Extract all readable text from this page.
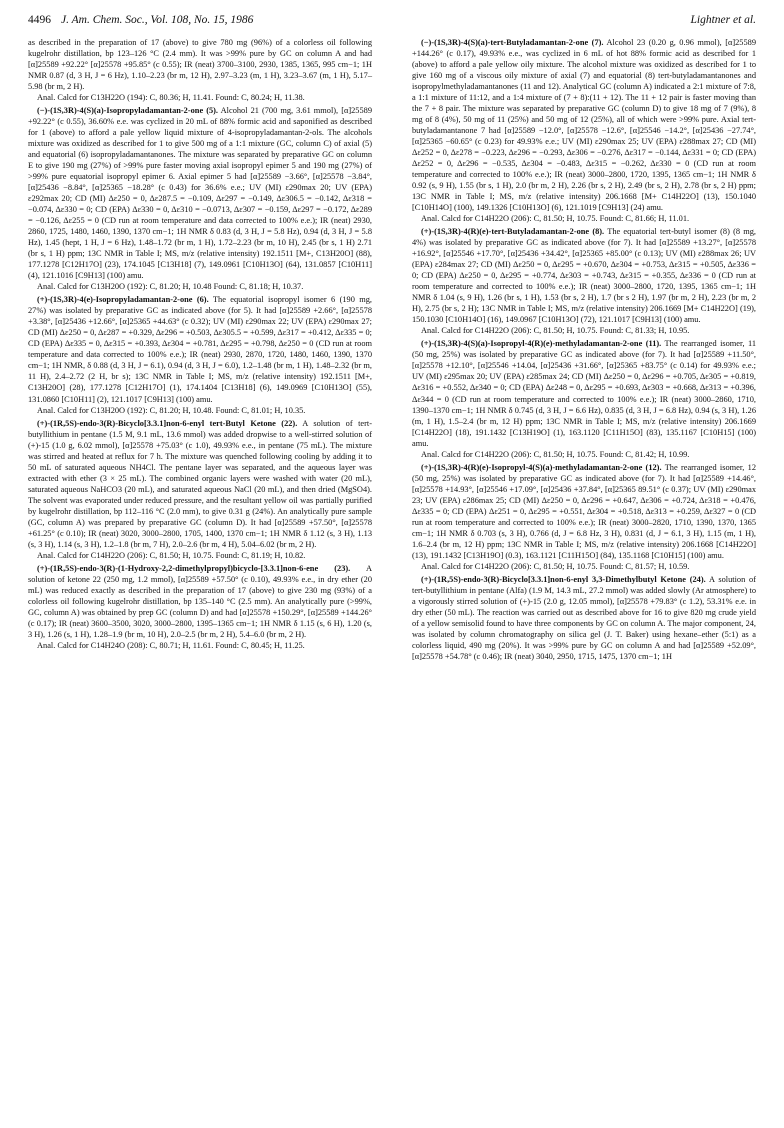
4496 J. Am. Chem. Soc., Vol. 108, No. 15, 1986	Lightner et al.

as described in the preparation of 17 (above) to give 780 mg (96%) of a colorless oil following kugelrohr distillation, bp 123–126 °C (2.4 mm). It was >99% pure by GC on column A and had [α]25589 +92.22° [α]25578 +95.85° (c 0.55); IR (neat) 3700–3100, 2930, 1385, 1365, 995 cm−1; 1H NMR 0.87 (d, 3 H, J = 6 Hz), 1.10–2.23 (br m, 12 H), 2.97–3.23 (m, 1 H), 3.23–3.67 (m, 1 H), 5.17–5.98 (br m, 2 H).

Anal. Calcd for C13H22O (194): C, 80.36; H, 11.41. Found: C, 80.24; H, 11.38.

(−)-(1S,3R)-4(S)(a)-Isopropyladamantan-2-one (5). Alcohol 21 (700 mg, 3.61 mmol), [α]25589 +92.22° (c 0.55), 36.60% e.e. was cyclized in 20 mL of 88% formic acid and saponified as described for 1 (above) to afford a pale yellow liquid mixture of 4-isopropyladamantan-2-ols. The alcohols mixture was oxidized as described for 1 to give 500 mg of a 1:1 mixture (GC, column C) of axial (5) and equatorial (6) isopropyladamantanones. The mixture was separated by preparative GC on column E to give 190 mg (27%) of >99% pure faster moving axial isopropyl epimer 5 and 190 mg (27%) of >99% pure equatorial isopropyl epimer 6. Axial epimer 5 had [α]25589 −3.66°, [α]25578 −3.84°, [α]25436 −8.84°, [α]25365 −18.28° (c 0.43) for 36.6% e.e.; UV (MI) ε290max 20; UV (EPA) ε292max 20; CD (MI) Δε250 = 0, Δε287.5 = −0.109, Δε297 = −0.149, Δε306.5 = −0.142, Δε318 = −0.074, Δε330 = 0; CD (EPA) Δε330 = 0, Δε310 = −0.0713, Δε307 = −0.159, Δε297 = −0.172, Δε289 = −0.126, Δε255 = 0 (CD run at room temperature and data corrected to 100% e.e.); IR (neat) 2930, 2860, 1725, 1480, 1460, 1390, 1370 cm−1; 1H NMR δ 0.83 (d, 3 H, J = 5.8 Hz), 0.94 (d, 3 H, J = 5.8 Hz), 1.45 (hept, 1 H, J = 6 Hz), 1.48–1.72 (br m, 1 H), 1.72–2.23 (br m, 10 H), 2.45 (br s, 1 H) 2.71 (br s, 1 H) ppm; 13C NMR in Table I; MS, m/z (relative intensity) 192.1511 [M+, C13H20O] (88), 177.1278 [C12H17O] (23), 174.1045 [C13H18] (7), 149.0961 [C10H13O] (64), 131.0857 [C10H11] (4), 121.1016 [C9H13] (100) amu.

Anal. Calcd for C13H20O (192): C, 81.20; H, 10.48 Found: C, 81.18; H, 10.37.

(+)-(1S,3R)-4(e)-Isopropyladamantan-2-one (6). The equatorial isopropyl isomer 6 (190 mg, 27%) was isolated by preparative GC as indicated above (for 5). It had [α]25589 +2.66°, [α]25578 +3.38°, [α]25436 +12.66°, [α]25365 +44.63° (c 0.32); UV (MI) ε290max 22; UV (EPA) ε290max 27; CD (MI) Δε250 = 0, Δε287 = +0.329, Δε296 = +0.503, Δε305.5 = +0.599, Δε317 = +0.412, Δε335 = 0; CD (EPA) Δε335 = 0, Δε315 = +0.393, Δε304 = +0.781, Δε295 = +0.798, Δε250 = 0 (CD run at room temperature and data corrected to 100% e.e.); IR (neat) 2930, 2870, 1720, 1480, 1460, 1390, 1370 cm−1; 1H NMR, δ 0.88 (d, 3 H, J = 6.1), 0.94 (d, 3 H, J = 6.0), 1.2–1.48 (br m, 1 H), 1.48–2.32 (br m, 11 H), 2.4–2.72 (2 H, br s); 13C NMR in Table I; MS, m/z (relative intensity) 192.1511 [M+, C13H20O] (28), 177.1278 [C12H17O] (1), 174.1404 [C13H18] (6), 149.0969 [C10H13O] (55), 131.0860 [C10H11] (2), 121.1017 [C9H13] (100) amu.

Anal. Calcd for C13H20O (192): C, 81.20; H, 10.48. Found: C, 81.01; H, 10.35.

(+)-(1R,5S)-endo-3(R)-Bicyclo[3.3.1]non-6-enyl tert-Butyl Ketone (22). A solution of tert-butyllithium in pentane (1.5 M, 9.1 mL, 13.6 mmol) was added dropwise to a well-stirred solution of (+)-15 (1.0 g, 6.02 mmol), [α]25578 +75.03° (c 1.0), 49.93% e.e., in pentane (75 mL). The mixture was stirred and heated at reflux for 7 h. The mixture was quenched following cooling by adding it to 50 mL of saturated aqueous NH4Cl. The pentane layer was separated, and the aqueous layer was extracted with ether (3 × 25 mL). The combined organic layers were washed with water (20 mL), saturated aqueous NaHCO3 (20 mL), and saturated aqueous NaCl (20 mL), and then dried (MgSO4). The solvent was evaporated under reduced pressure, and the resultant yellow oil was partially purified by kugelrohr distillation, bp 112–116 °C (2.0 mm), to give 0.31 g (24%). An analytically pure sample (GC, column A) was prepared by preparative GC (column D). It had [α]25589 +57.50°, [α]25578 +61.25° (c 0.10); IR (neat) 3020, 3000–2800, 1705, 1400, 1370 cm−1; 1H NMR δ 1.12 (s, 3 H), 1.13 (s, 3 H), 1.14 (s, 3 H), 1.2–1.8 (br m, 7 H), 2.0–2.6 (br m, 4 H), 5.04–6.02 (br m, 2 H).

Anal. Calcd for C14H22O (206): C, 81.50; H, 10.75. Found: C, 81.19; H, 10.82.

(+)-(1R,5S)-endo-3(R)-(1-Hydroxy-2,2-dimethylpropyl)bicyclo-[3.3.1]non-6-ene (23). A solution of ketone 22 (250 mg, 1.2 mmol), [α]25589 +57.50° (c 0.10), 49.93% e.e., in dry ether (20 mL) was reduced exactly as described in the preparation of 17 (above) to give 230 mg (93%) of a colorless oil following kugelrohr distillation, bp 135–140 °C (2.5 mm). An analytically pure (>99%, GC, column A) was obtained by prep GC (column D) and had [α]25578 +150.29°, [α]25589 +144.26° (c 0.17); IR (neat) 3600–3500, 3020, 3000–2800, 1395–1365 cm−1; 1H NMR δ 1.15 (s, 6 H), 1.20 (s, 3 H), 1.26 (s, 1 H), 1.28–1.9 (br m, 10 H), 2.0–2.5 (br m, 2 H), 5.4–6.0 (br m, 2 H).

Anal. Calcd for C14H24O (208): C, 80.71; H, 11.61. Found: C, 80.45; H, 11.25.

(−)-(1S,3R)-4(S)(a)-tert-Butyladamantan-2-one (7). Alcohol 23 (0.20 g, 0.96 mmol), [α]25589 +144.26° (c 0.17), 49.93% e.e., was cyclized in 6 mL of hot 88% formic acid as described for 1 (above) to afford a pale yellow oily mixture. The alcohol mixture was oxidized as described for 1 to give 160 mg of a viscous oily mixture of axial (7) and equatorial (8) tert-butyladamantanones and isopropylmethyladamantanones (11 and 12). Analytical GC (column A) indicated a 2:1 mixture of 7:8, a 1:1 mixture of 11:12, and a 1:4 mixture of (7 + 8):(11 + 12). The 11 + 12 pair is faster moving than the 7 + 8 pair. The mixture was separated by preparative GC (column D) to give 18 mg of 7 (9%), 8 mg of 8 (4%), 50 mg of 11 (25%) and 50 mg of 12 (25%), all of which were >99% pure. Axial tert-butyladamantanone 7 had [α]25589 −12.0°, [α]25578 −12.6°, [α]25546 −14.2°, [α]25436 −27.74°, [α]25365 −60.65° (c 0.23) for 49.93% e.e.; UV (MI) ε290max 25; UV (EPA) ε288max 27; CD (MI) Δε252 = 0, Δε278 = −0.223, Δε296 = −0.293, Δε306 = −0.276, Δε317 = −0.144, Δε331 = 0; CD (EPA) Δε252 = 0, Δε296 = −0.535, Δε304 = −0.483, Δε315 = −0.262, Δε330 = 0 (CD run at room temperature and corrected to 100% e.e.); IR (neat) 3000–2800, 1720, 1395, 1365 cm−1; 1H NMR δ 0.92 (s, 9 H), 1.55 (br s, 1 H), 2.0 (br m, 2 H), 2.26 (br s, 2 H), 2.49 (br s, 2 H), 2.78 (br s, 2 H) ppm; 13C NMR in Table I; MS, m/z (relative intensity) 206.1668 [M+ C14H22O] (13), 150.1040 [C10H14O] (100), 149.1326 [C10H13O] (6), 121.1019 [C9H13] (24) amu.

Anal. Calcd for C14H22O (206): C, 81.50; H, 10.75. Found: C, 81.66; H, 11.01.

(+)-(1S,3R)-4(R)(e)-tert-Butyladamantan-2-one (8). The equatorial tert-butyl isomer (8) (8 mg, 4%) was isolated by preparative GC as indicated above (for 7). It had [α]25589 +13.27°, [α]25578 +16.92°, [α]25546 +17.70°, [α]25436 +34.42°, [α]25365 +85.00° (c 0.13); UV (MI) ε288max 26; UV (EPA) ε284max 27; CD (MI) Δε250 = 0, Δε295 = +0.670, Δε304 = +0.753, Δε315 = +0.505, Δε336 = 0; CD (EPA) Δε250 = 0, Δε295 = +0.774, Δε303 = +0.743, Δε315 = +0.355, Δε336 = 0 (CD run at room temperature and corrected to 100% e.e.); IR (neat) 3000–2800, 1720, 1395, 1365 cm−1; 1H NMR δ 1.04 (s, 9 H), 1.26 (br s, 1 H), 1.53 (br s, 2 H), 1.7 (br s 2 H), 1.97 (br m, 2 H), 2.23 (br m, 2 H), 2.75 (br s, 2 H); 13C NMR in Table I; MS, m/z (relative intensity) 206.1669 [M+ C14H22O] (19), 150.1030 [C10H14O] (16), 149.0967 [C10H13O] (72), 121.1017 [C9H13] (100) amu.

Anal. Calcd for C14H22O (206): C, 81.50; H, 10.75. Found: C, 81.33; H, 10.95.

(+)-(1S,3R)-4(S)(a)-Isopropyl-4(R)(e)-methyladamantan-2-one (11). The rearranged isomer, 11 (50 mg, 25%) was isolated by preparative GC as indicated above (for 7). It had [α]25589 +11.50°, [α]25578 +12.10°, [α]25546 +14.04, [α]25436 +31.66°, [α]25365 +83.75° (c 0.14) for 49.93% e.e.; UV (MI) ε295max 20; UV (EPA) ε285max 24; CD (MI) Δε250 = 0, Δε296 = +0.705, Δε305 = +0.819, Δε316 = +0.552, Δε340 = 0; CD (EPA) Δε248 = 0, Δε295 = +0.693, Δε303 = +0.668, Δε313 = +0.396, Δε344 = 0 (CD run at room temperature and corrected to 100% e.e.); IR (neat) 3000–2860, 1710, 1390–1370 cm−1; 1H NMR δ 0.745 (d, 3 H, J = 6.6 Hz), 0.835 (d, 3 H, J = 6.8 Hz), 0.94 (s, 3 H), 1.26 (m, 1 H), 1.5–2.4 (br m, 12 H) ppm; 13C NMR in Table I; MS, m/z (relative intensity) 206.1669 [C14H22O] (18), 191.1432 [C13H19O] (1), 163.1120 [C11H15O] (83), 135.1167 [C10H15] (100) amu.

Anal. Calcd for C14H22O (206): C, 81.50; H, 10.75. Found: C, 81.42; H, 10.99.

(+)-(1S,3R)-4(R)(e)-Isopropyl-4(S)(a)-methyladamantan-2-one (12). The rearranged isomer, 12 (50 mg, 25%) was isolated by preparative GC as indicated above (for 7). It had [α]25589 +14.46°, [α]25578 +14.93°, [α]25546 +17.09°, [α]25436 +37.84°, [α]25365 89.51° (c 0.37); UV (MI) ε290max 23; UV (EPA) ε286max 25; CD (MI) Δε250 = 0, Δε296 = +0.647, Δε306 = +0.724, Δε318 = +0.476, Δε335 = 0; CD (EPA) Δε251 = 0, Δε295 = +0.551, Δε304 = +0.518, Δε313 = +0.259, Δε327 = 0 (CD run at room temperature and corrected to 100% e.e.); IR (neat) 3000–2820, 1710, 1390, 1370, 1365 cm−1; 1H NMR δ 0.703 (s, 3 H), 0.766 (d, J = 6.8 Hz, 3 H), 0.831 (d, J = 6.1, 3 H), 1.15 (m, 1 H), 1.6–2.4 (br m, 12 H) ppm; 13C NMR in Table I; MS, m/z (relative intensity) 206.1668 [C14H22O] (13), 191.1432 [C13H19O] (0.3), 163.1121 [C11H15O] (84), 135.1168 [C10H15] (100) amu.

Anal. Calcd for C14H22O (206): C, 81.50; H, 10.75. Found: C, 81.57; H, 10.59.

(+)-(1R,5S)-endo-3(R)-Bicyclo[3.3.1]non-6-enyl 3,3-Dimethylbutyl Ketone (24). A solution of tert-butyllithium in pentane (Alfa) (1.9 M, 14.3 mL, 27.2 mmol) was added slowly (Ar atmosphere) to a vigorously stirred solution of (+)-15 (2.0 g, 12.05 mmol), [α]25578 +79.83° (c 1.2), 53.31% e.e. in dry ether (50 mL). The reaction was carried out as described above for 16 to give 820 mg crude yield of a yellow semisolid found to have three components by GC on column A. The major component, 24, was isolated by column chromatography on silica gel (J. T. Baker) using hexane–ether (5:1) as a colorless liquid, 490 mg (20%). It was >99% pure by GC on column A and had [α]25589 +52.09°, [α]25578 +54.78° (c 0.46); IR (neat) 3040, 2950, 1715, 1475, 1370 cm−1; 1H
